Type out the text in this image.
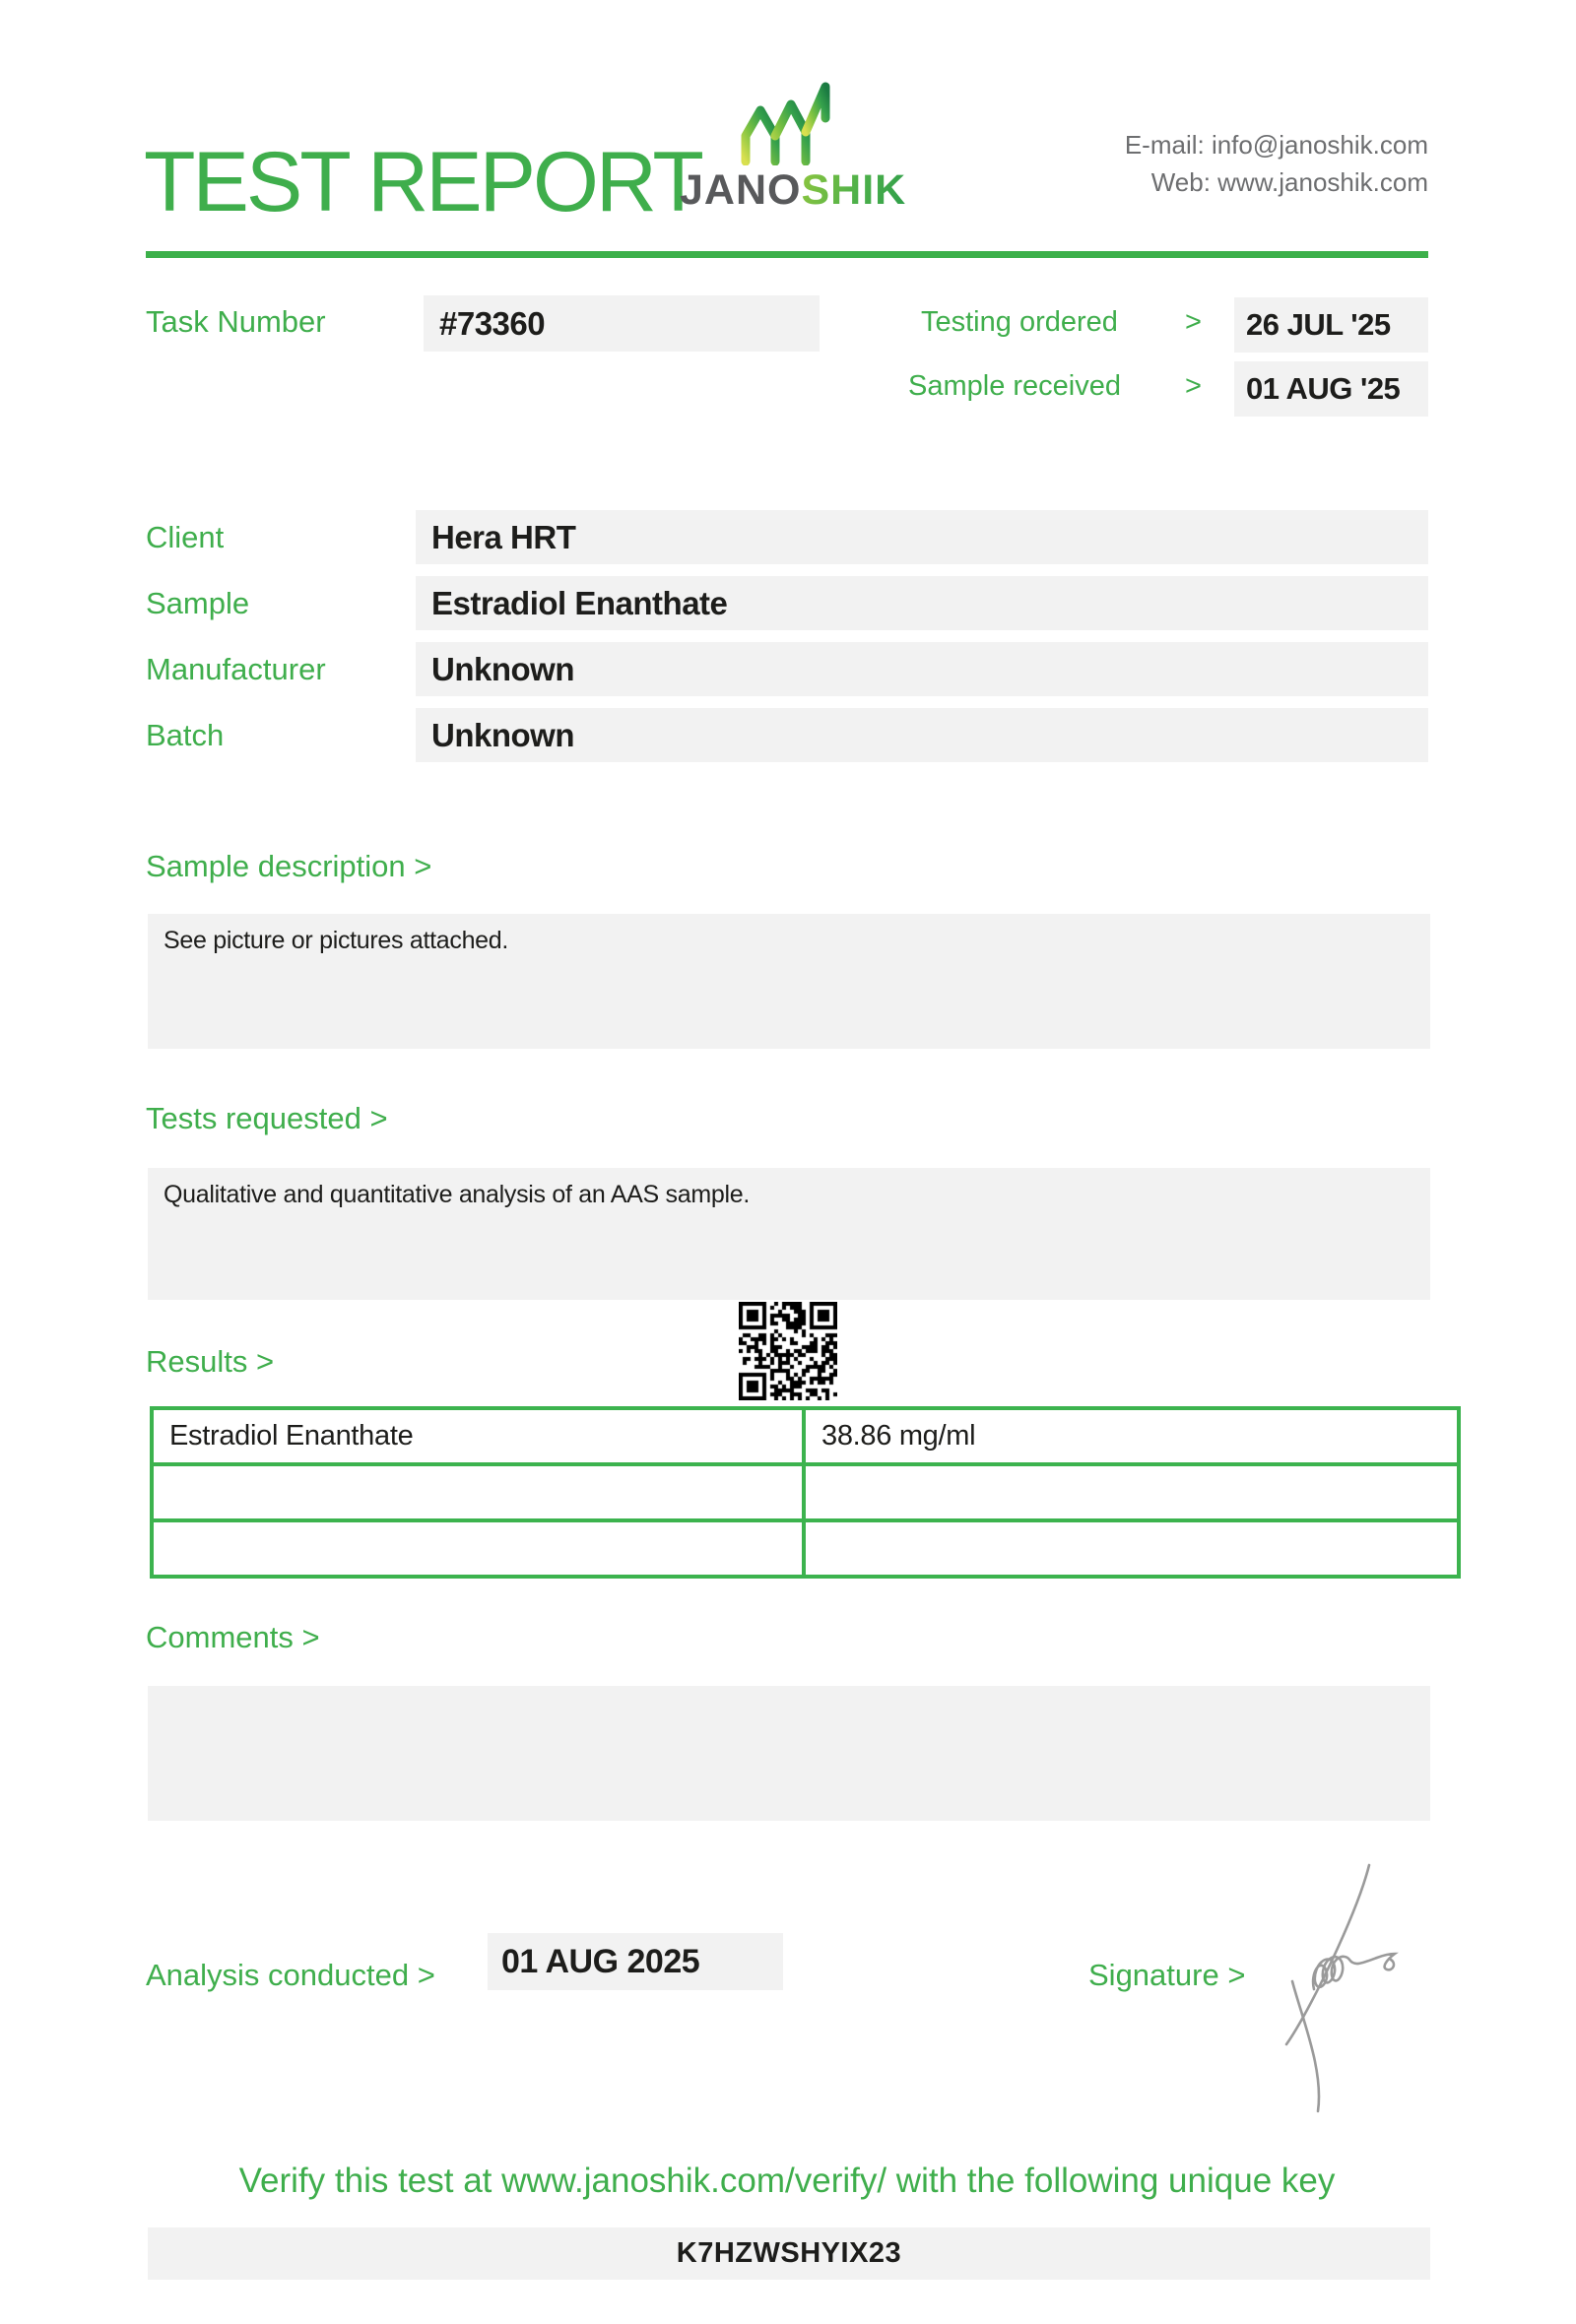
TEST REPORT
JANOSHIK
E-mail: info@janoshik.com
Web: www.janoshik.com
Task Number	#73360	Testing ordered >	26 JUL '25
Sample received >	01 AUG '25
Client	Hera HRT
Sample	Estradiol Enanthate
Manufacturer	Unknown
Batch	Unknown
Sample description >
See picture or pictures attached.
Tests requested >
Qualitative and quantitative analysis of an AAS sample.
Results >
Estradiol Enanthate	38.86 mg/ml

Comments >
Analysis conducted >	01 AUG 2025	Signature >
Verify this test at www.janoshik.com/verify/ with the following unique key
K7HZWSHYIX23
